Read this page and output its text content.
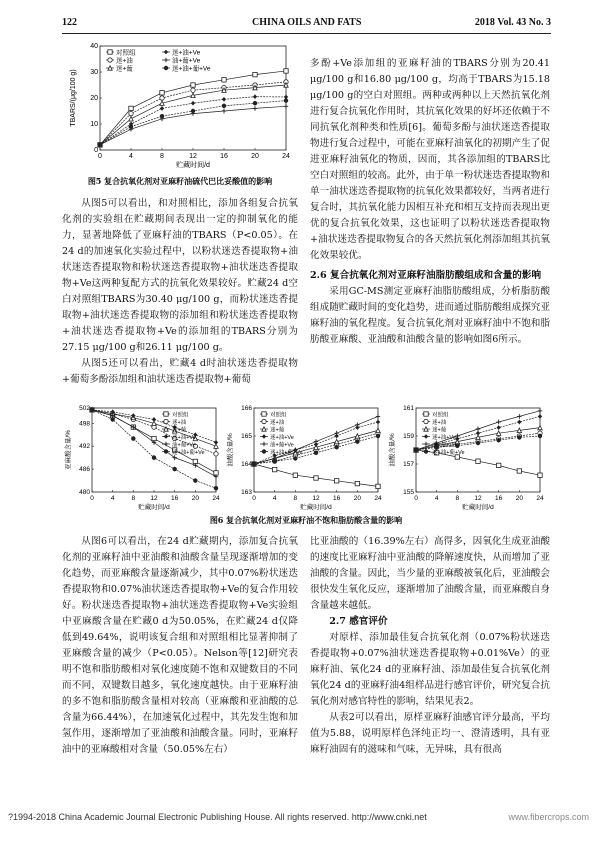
122	CHINA OILS AND FATS	2018 Vol. 43 No. 3
0	4	8	12	16	20	24
0
10
20
30
40
贮藏时间/d
TBARS/(μg/100 g)
对照组
迷+油
迷+葡
迷+油+Ve
油+葡+Ve
迷+油+葡+Ve
图5 复合抗氧化剂对亚麻籽油硫代巴比妥酸值的影响

从图5可以看出，和对照相比，添加各组复合抗氧化剂的实验组在贮藏期间表现出一定的抑制氧化的能力，显著地降低了亚麻籽油的TBARS（P<0.05）。在24 d的加速氧化实验过程中，以粉状迷迭香提取物+油状迷迭香提取物和粉状迷迭香提取物+油状迷迭香提取物+Ve这两种复配方式的抗氧化效果较好。贮藏24 d空白对照组TBARS为30.40 μg/100 g，而粉状迷迭香提取物+油状迷迭香提取物的添加组和粉状迷迭香提取物+油状迷迭香提取物+Ve的添加组的TBARS分别为27.15 μg/100 g和26.11 μg/100 g。

从图5还可以看出，贮藏4 d时油状迷迭香提取物+葡萄多酚添加组和油状迷迭香提取物+葡萄

多酚+Ve添加组的亚麻籽油的TBARS分别为20.41 μg/100 g和16.80 μg/100 g，均高于TBARS为15.18 μg/100 g的空白对照组。两种或两种以上天然抗氧化剂进行复合抗氧化作用时，其抗氧化效果的好坏还依赖于不同抗氧化剂种类和性质[6]。葡萄多酚与油状迷迭香提取物进行复合过程中，可能在亚麻籽油氧化的初期产生了促进亚麻籽油氧化的物质，因而，其各添加组的TBARS比空白对照组的较高。此外，由于单一粉状迷迭香提取物和单一油状迷迭香提取物的抗氧化效果都较好，当两者进行复合时，其抗氧化能力因相互补充和相互支持而表现出更优的复合抗氧化效果，这也证明了以粉状迷迭香提取物+油状迷迭香提取物复合的各天然抗氧化剂添加组其抗氧化效果较优。

2.6 复合抗氧化剂对亚麻籽油脂肪酸组成和含量的影响

采用GC-MS测定亚麻籽油脂肪酸组成，分析脂肪酸组成随贮藏时间的变化趋势，进而通过脂肪酸组成探究亚麻籽油的氧化程度。复合抗氧化剂对亚麻籽油中不饱和脂肪酸亚麻酸、亚油酸和油酸含量的影响如图6所示。

0	4	8 12 16 20 24
480
486
492
498
502
贮藏时间/d
亚麻酸含量/%
对照组
迷+油
迷+葡
迷+油+Ve
油+葡+Ve
迷+油+葡+Ve
0	4	8 12 16 20 24
163
164
165
166
贮藏时间/d
油酸含量/%
对照组
迷+油
迷+葡
迷+油+Ve
油+葡+Ve
迷+油+葡+Ve
0	4	8 12 16 20 24
155
157
159
161
贮藏时间/d
油酸含量/%
对照组
迷+油
迷+葡
迷+油+Ve
油+葡+Ve
迷+油+葡+Ve
图6 复合抗氧化剂对亚麻籽油不饱和脂肪酸含量的影响

从图6可以看出，在24 d贮藏期内，添加复合抗氧化剂的亚麻籽油中亚油酸和油酸含量呈现逐渐增加的变化趋势，而亚麻酸含量逐渐减少，其中0.07%粉状迷迭香提取物和0.07%油状迷迭香提取物+Ve的复合作用较好。粉状迷迭香提取物+油状迷迭香提取物+Ve实验组中亚麻酸含量在贮藏0 d为50.05%，在贮藏24 d仅降低到49.64%，说明该复合组和对照组相比显著抑制了亚麻酸含量的减少（P<0.05）。Nelson等[12]研究表明不饱和脂肪酸相对氧化速度随不饱和双键数目的不同而不同，双键数目越多，氧化速度越快。由于亚麻籽油的多不饱和脂肪酸含量相对较高（亚麻酸和亚油酸的总含量为66.44%），在加速氧化过程中，其先发生饱和加氢作用，逐渐增加了亚油酸和油酸含量。同时，亚麻籽油中的亚麻酸相对含量（50.05%左右）

比亚油酸的（16.39%左右）高得多，因氧化生成亚油酸的速度比亚麻籽油中亚油酸的降解速度快，从而增加了亚油酸的含量。因此，当少量的亚麻酸被氧化后，亚油酸会很快发生氧化反应，逐渐增加了油酸含量，而亚麻酸自身含量越来越低。

2.7 感官评价

对原样、添加最佳复合抗氧化剂（0.07%粉状迷迭香提取物+0.07%油状迷迭香提取物+0.01%Ve）的亚麻籽油、氧化24 d的亚麻籽油、添加最佳复合抗氧化剂氧化24 d的亚麻籽油4组样品进行感官评价，研究复合抗氧化剂对感官特性的影响，结果见表2。

从表2可以看出，原样亚麻籽油感官评分最高，平均值为5.88，说明原样色泽纯正均一、澄清透明，具有亚麻籽油固有的滋味和气味，无异味，具有很高

?1994-2018 China Academic Journal Electronic Publishing House. All rights reserved. http://www.cnki.net	www.fibercrops.com
